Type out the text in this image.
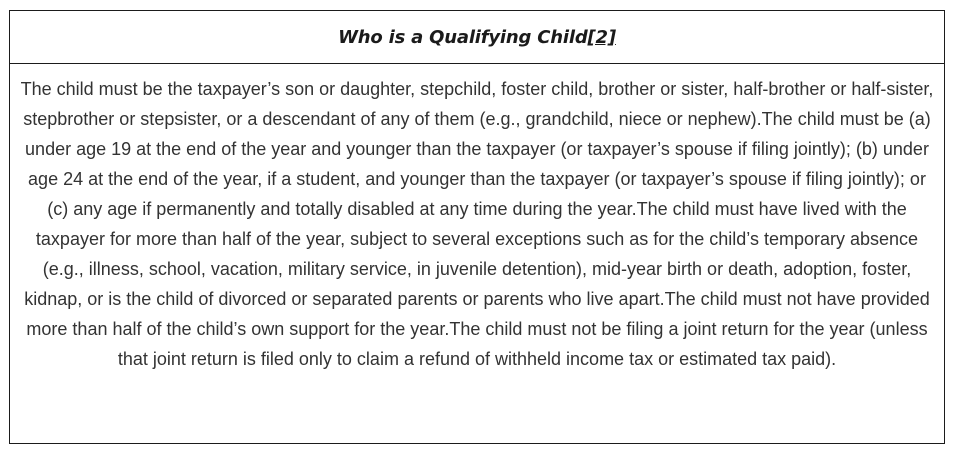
Who is a Qualifying Child[2]

The child must be the taxpayer’s son or daughter, stepchild, foster child, brother or sister, half-brother or half-sister, stepbrother or stepsister, or a descendant of any of them (e.g., grandchild, niece or nephew).The child must be (a) under age 19 at the end of the year and younger than the taxpayer (or taxpayer’s spouse if filing jointly); (b) under age 24 at the end of the year, if a student, and younger than the taxpayer (or taxpayer’s spouse if filing jointly); or (c) any age if permanently and totally disabled at any time during the year.The child must have lived with the taxpayer for more than half of the year, subject to several exceptions such as for the child’s temporary absence (e.g., illness, school, vacation, military service, in juvenile detention), mid-year birth or death, adoption, foster, kidnap, or is the child of divorced or separated parents or parents who live apart.The child must not have provided more than half of the child’s own support for the year.The child must not be filing a joint return for the year (unless that joint return is filed only to claim a refund of withheld income tax or estimated tax paid).
